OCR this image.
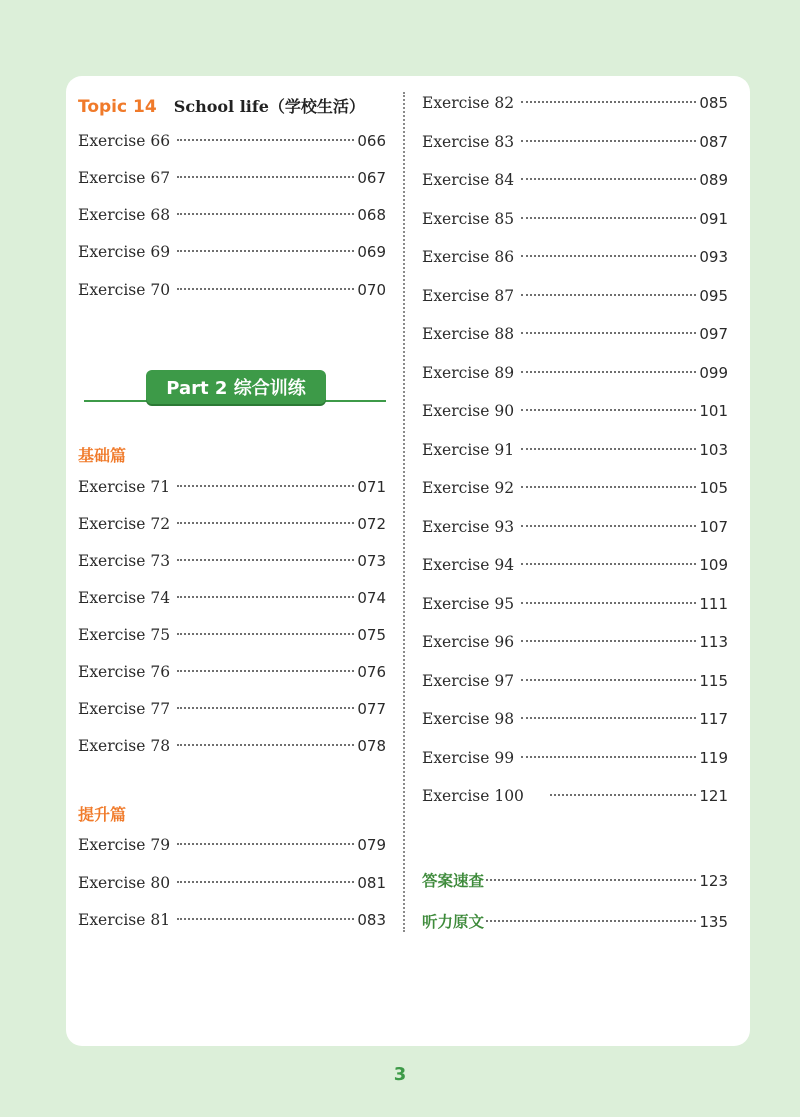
Topic 14 School life（学校生活）
Exercise 66	066
Exercise 67	067
Exercise 68	068
Exercise 69	069
Exercise 70	070
Part 2 综合训练
基础篇
Exercise 71	071
Exercise 72	072
Exercise 73	073
Exercise 74	074
Exercise 75	075
Exercise 76	076
Exercise 77	077
Exercise 78	078
提升篇
Exercise 79	079
Exercise 80	081
Exercise 81	083
Exercise 82	085
Exercise 83	087
Exercise 84	089
Exercise 85	091
Exercise 86	093
Exercise 87	095
Exercise 88	097
Exercise 89	099
Exercise 90	101
Exercise 91	103
Exercise 92	105
Exercise 93	107
Exercise 94	109
Exercise 95	111
Exercise 96	113
Exercise 97	115
Exercise 98	117
Exercise 99	119
Exercise 100	121
答案速查	123
听力原文	135
3
